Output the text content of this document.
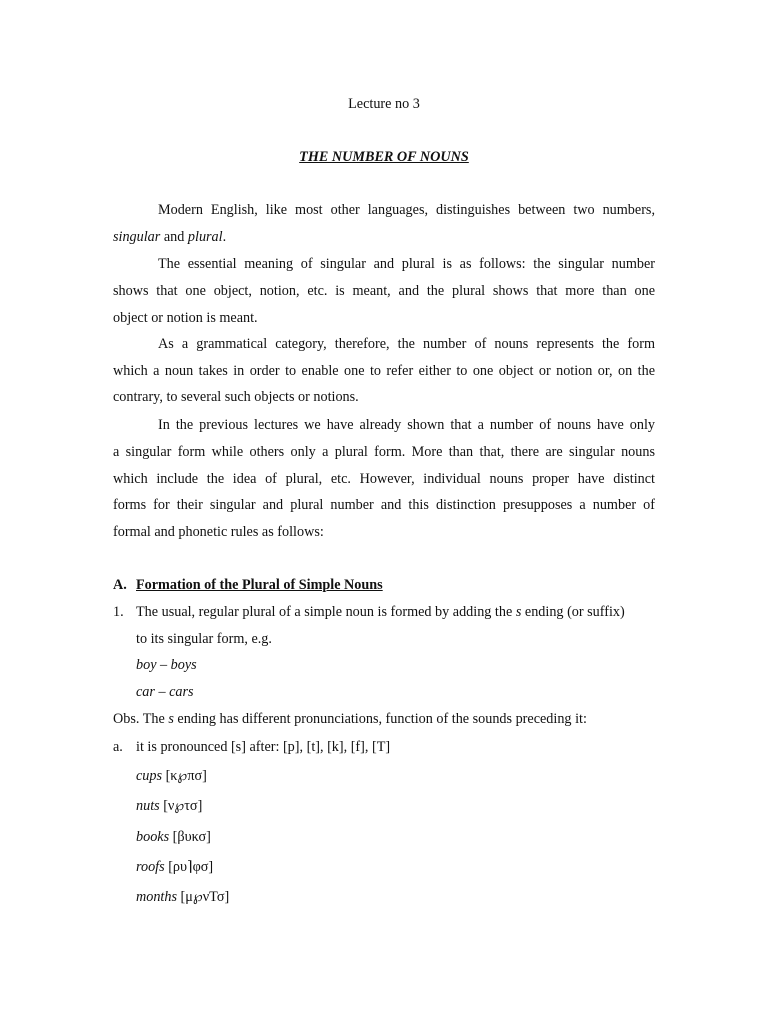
Lecture no 3
THE NUMBER OF NOUNS
Modern English, like most other languages, distinguishes between two numbers,
singular and plural.
The essential meaning of singular and plural is as follows: the singular number
shows that one object, notion, etc. is meant, and the plural shows that more than one
object or notion is meant.
As a grammatical category, therefore, the number of nouns represents the form
which a noun takes in order to enable one to refer either to one object or notion or, on the
contrary, to several such objects or notions.
In the previous lectures we have already shown that a number of nouns have only
a singular form while others only a plural form. More than that, there are singular nouns
which include the idea of plural, etc. However, individual nouns proper have distinct
forms for their singular and plural number and this distinction presupposes a number of
formal and phonetic rules as follows:
A. Formation of the Plural of Simple Nouns
1. The usual, regular plural of a simple noun is formed by adding the s ending (or suffix)
to its singular form, e.g.
boy – boys
car – cars
Obs. The s ending has different pronunciations, function of the sounds preceding it:
a. it is pronounced [s] after: [p], [t], [k], [f], [T]
cups [κ℘πσ]
nuts [ν℘τσ]
books [βυκσ]
roofs [ρυ⌉φσ]
months [μ℘νΤσ]
